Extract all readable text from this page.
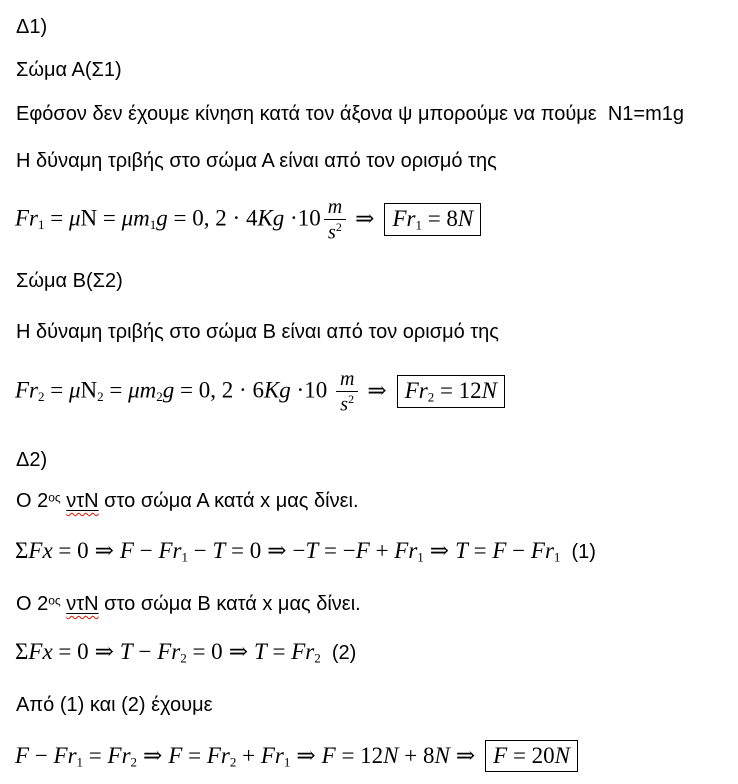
Δ1)
Σώμα Α(Σ1)
Εφόσον δεν έχουμε κίνηση κατά τον άξονα ψ μπορούμε να πούμε  N1=m1g
Η δύναμη τριβής στο σώμα Α είναι από τον ορισμό της
Fr1 = μN = μm1g = 0, $2 \cdot 4Kg \cdot 10 \frac{m}{s^2}$ ⇒ Fr1 = 8N
Σώμα Β(Σ2)
Η δύναμη τριβής στο σώμα Β είναι από τον ορισμό της
Fr2 = μN2 = μm2g = 0, $2 \cdot 6Kg \cdot 10 \frac{m}{s^2}$ ⇒ Fr2 = 12N
Δ2)
Ο $2^{o\varsigma}$ ντΝ στο σώμα Α κατά x μας δίνει.
ΣFx = 0 ⇒ F − Fr1 − T = 0 ⇒ −T = −F + Fr1 ⇒ T = F − Fr1  (1)
Ο $2^{o\varsigma}$ ντΝ στο σώμα Β κατά x μας δίνει.
ΣFx = 0 ⇒ T − Fr2 = 0 ⇒ T = Fr2  (2)
Από (1) και (2) έχουμε
F − Fr1 = Fr2 ⇒ F = Fr2 + Fr1 ⇒ F = 12N + 8N ⇒ F = 20N
